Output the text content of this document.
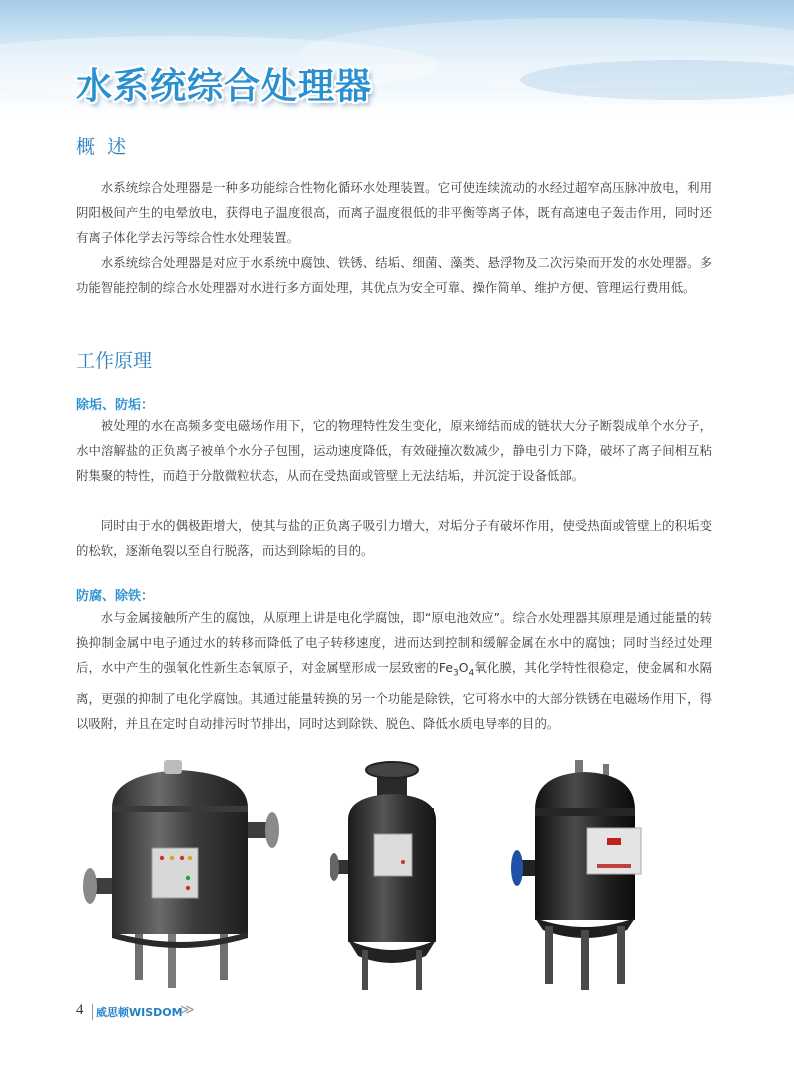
水系统综合处理器
概  述

水系统综合处理器是一种多功能综合性物化循环水处理装置。它可使连续流动的水经过超窄高压脉冲放电，利用阴阳极间产生的电晕放电，获得电子温度很高，而离子温度很低的非平衡等离子体，既有高速电子轰击作用，同时还有离子体化学去污等综合性水处理装置。

水系统综合处理器是对应于水系统中腐蚀、铁锈、结垢、细菌、藻类、悬浮物及二次污染而开发的水处理器。多功能智能控制的综合水处理器对水进行多方面处理，其优点为安全可靠、操作简单、维护方便、管理运行费用低。

工作原理
除垢、防垢：

被处理的水在高频多变电磁场作用下，它的物理特性发生变化，原来缔结而成的链状大分子断裂成单个水分子，水中溶解盐的正负离子被单个水分子包围，运动速度降低，有效碰撞次数减少，静电引力下降，破坏了离子间相互粘附集聚的特性，而趋于分散微粒状态，从而在受热面或管壁上无法结垢，并沉淀于设备低部。

同时由于水的偶极距增大，使其与盐的正负离子吸引力增大，对垢分子有破坏作用，使受热面或管壁上的积垢变的松软，逐渐龟裂以至自行脱落，而达到除垢的目的。

防腐、除铁：

水与金属接触所产生的腐蚀，从原理上讲是电化学腐蚀，即“原电池效应”。综合水处理器其原理是通过能量的转换抑制金属中电子通过水的转移而降低了电子转移速度，进而达到控制和缓解金属在水中的腐蚀；同时当经过处理后，水中产生的强氧化性新生态氧原子，对金属壁形成一层致密的$Fe_3O_4$氧化膜，其化学特性很稳定，使金属和水隔离，更强的抑制了电化学腐蚀。其通过能量转换的另一个功能是除铁，它可将水中的大部分铁锈在电磁场作用下，得以吸附，并且在定时自动排污时节排出，同时达到除铁、脱色、降低水质电导率的目的。

4	威思顿WISDOM
≫
